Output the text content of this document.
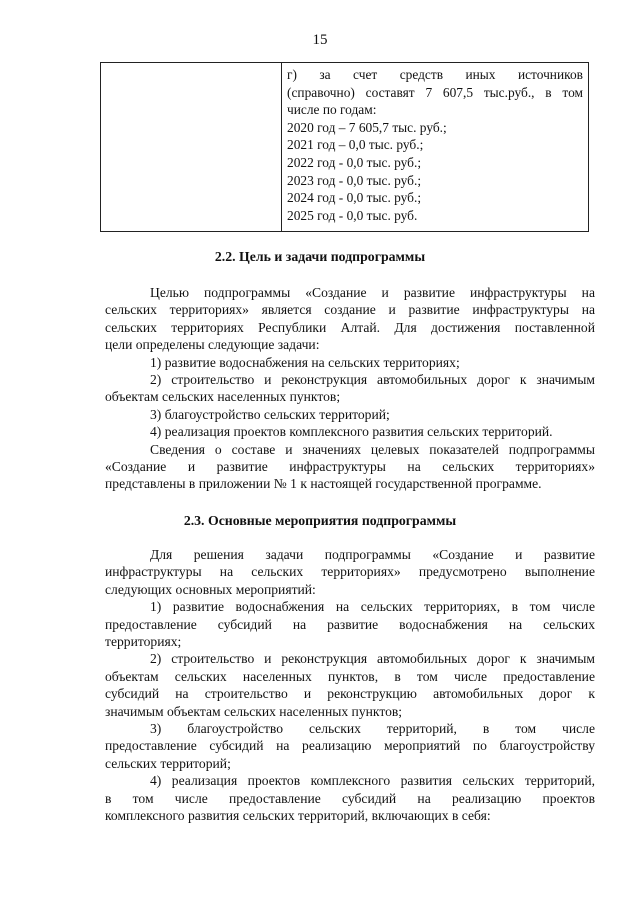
15
г) за счет средств иных источников
(справочно) составят 7 607,5 тыс.руб., в том
числе по годам:
2020 год – 7 605,7 тыс. руб.;
2021 год – 0,0 тыс. руб.;
2022 год - 0,0 тыс. руб.;
2023 год - 0,0 тыс. руб.;
2024 год - 0,0 тыс. руб.;
2025 год - 0,0 тыс. руб.
2.2. Цель и задачи подпрограммы

Целью подпрограммы «Создание и развитие инфраструктуры на

сельских территориях» является создание и развитие инфраструктуры на

сельских территориях Республики Алтай. Для достижения поставленной

цели определены следующие задачи:

1) развитие водоснабжения на сельских территориях;

2) строительство и реконструкция автомобильных дорог к значимым

объектам сельских населенных пунктов;

3) благоустройство сельских территорий;

4) реализация проектов комплексного развития сельских территорий.

Сведения о составе и значениях целевых показателей подпрограммы

«Создание и развитие инфраструктуры на сельских территориях»

представлены в приложении № 1 к настоящей государственной программе.

2.3. Основные мероприятия подпрограммы

Для решения задачи подпрограммы «Создание и развитие

инфраструктуры на сельских территориях» предусмотрено выполнение

следующих основных мероприятий:

1) развитие водоснабжения на сельских территориях, в том числе

предоставление субсидий на развитие водоснабжения на сельских

территориях;

2) строительство и реконструкция автомобильных дорог к значимым

объектам сельских населенных пунктов, в том числе предоставление

субсидий на строительство и реконструкцию автомобильных дорог к

значимым объектам сельских населенных пунктов;

3) благоустройство сельских территорий, в том числе

предоставление субсидий на реализацию мероприятий по благоустройству

сельских территорий;

4) реализация проектов комплексного развития сельских территорий,

в том числе предоставление субсидий на реализацию проектов

комплексного развития сельских территорий, включающих в себя:
